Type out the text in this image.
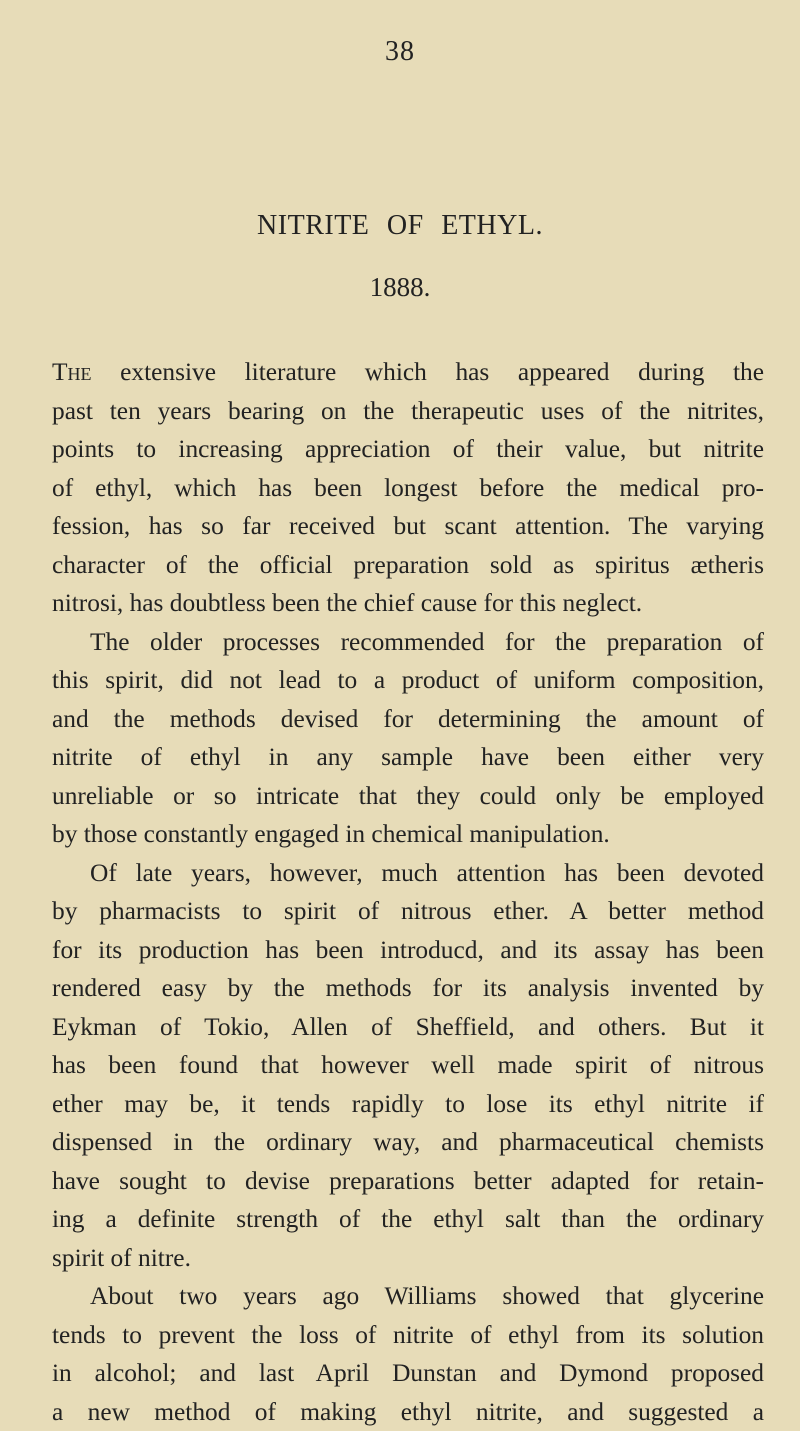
38
NITRITE OF ETHYL.
1888.
The extensive literature which has appeared during the
past ten years bearing on the therapeutic uses of the nitrites,
points to increasing appreciation of their value, but nitrite
of ethyl, which has been longest before the medical pro-
fession, has so far received but scant attention. The varying
character of the official preparation sold as spiritus ætheris
nitrosi, has doubtless been the chief cause for this neglect.
The older processes recommended for the preparation of
this spirit, did not lead to a product of uniform composition,
and the methods devised for determining the amount of
nitrite of ethyl in any sample have been either very
unreliable or so intricate that they could only be employed
by those constantly engaged in chemical manipulation.
Of late years, however, much attention has been devoted
by pharmacists to spirit of nitrous ether. A better method
for its production has been introducd, and its assay has been
rendered easy by the methods for its analysis invented by
Eykman of Tokio, Allen of Sheffield, and others. But it
has been found that however well made spirit of nitrous
ether may be, it tends rapidly to lose its ethyl nitrite if
dispensed in the ordinary way, and pharmaceutical chemists
have sought to devise preparations better adapted for retain-
ing a definite strength of the ethyl salt than the ordinary
spirit of nitre.
About two years ago Williams showed that glycerine
tends to prevent the loss of nitrite of ethyl from its solution
in alcohol; and last April Dunstan and Dymond proposed
a new method of making ethyl nitrite, and suggested a
